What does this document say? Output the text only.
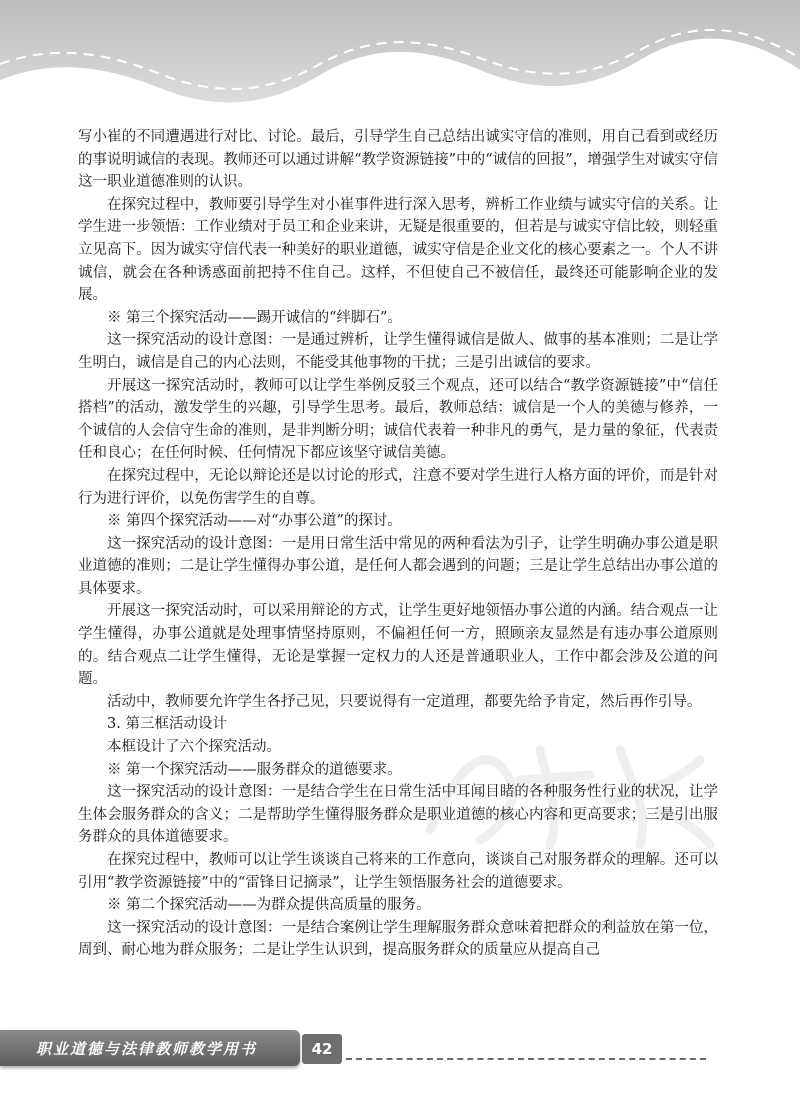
写小崔的不同遭遇进行对比、讨论。最后，引导学生自己总结出诚实守信的准则，用自己看到或经历的事说明诚信的表现。教师还可以通过讲解“教学资源链接”中的“诚信的回报”，增强学生对诚实守信这一职业道德准则的认识。

在探究过程中，教师要引导学生对小崔事件进行深入思考，辨析工作业绩与诚实守信的关系。让学生进一步领悟：工作业绩对于员工和企业来讲，无疑是很重要的，但若是与诚实守信比较，则轻重立见高下。因为诚实守信代表一种美好的职业道德，诚实守信是企业文化的核心要素之一。个人不讲诚信，就会在各种诱惑面前把持不住自己。这样，不但使自己不被信任，最终还可能影响企业的发展。

※ 第三个探究活动——踢开诚信的“绊脚石”。

这一探究活动的设计意图：一是通过辨析，让学生懂得诚信是做人、做事的基本准则；二是让学生明白，诚信是自己的内心法则，不能受其他事物的干扰；三是引出诚信的要求。

开展这一探究活动时，教师可以让学生举例反驳三个观点，还可以结合“教学资源链接”中“信任搭档”的活动，激发学生的兴趣，引导学生思考。最后，教师总结：诚信是一个人的美德与修养，一个诚信的人会信守生命的准则，是非判断分明；诚信代表着一种非凡的勇气，是力量的象征，代表责任和良心；在任何时候、任何情况下都应该坚守诚信美德。

在探究过程中，无论以辩论还是以讨论的形式，注意不要对学生进行人格方面的评价，而是针对行为进行评价，以免伤害学生的自尊。

※ 第四个探究活动——对“办事公道”的探讨。

这一探究活动的设计意图：一是用日常生活中常见的两种看法为引子，让学生明确办事公道是职业道德的准则；二是让学生懂得办事公道，是任何人都会遇到的问题；三是让学生总结出办事公道的具体要求。

开展这一探究活动时，可以采用辩论的方式，让学生更好地领悟办事公道的内涵。结合观点一让学生懂得，办事公道就是处理事情坚持原则，不偏袒任何一方，照顾亲友显然是有违办事公道原则的。结合观点二让学生懂得，无论是掌握一定权力的人还是普通职业人，工作中都会涉及公道的问题。

活动中，教师要允许学生各抒己见，只要说得有一定道理，都要先给予肯定，然后再作引导。

3. 第三框活动设计

本框设计了六个探究活动。

※ 第一个探究活动——服务群众的道德要求。

这一探究活动的设计意图：一是结合学生在日常生活中耳闻目睹的各种服务性行业的状况，让学生体会服务群众的含义；二是帮助学生懂得服务群众是职业道德的核心内容和更高要求；三是引出服务群众的具体道德要求。

在探究过程中，教师可以让学生谈谈自己将来的工作意向，谈谈自己对服务群众的理解。还可以引用“教学资源链接”中的“雷锋日记摘录”，让学生领悟服务社会的道德要求。

※ 第二个探究活动——为群众提供高质量的服务。

这一探究活动的设计意图：一是结合案例让学生理解服务群众意味着把群众的利益放在第一位，周到、耐心地为群众服务；二是让学生认识到，提高服务群众的质量应从提高自己

职业道德与法律教师教学用书	42
